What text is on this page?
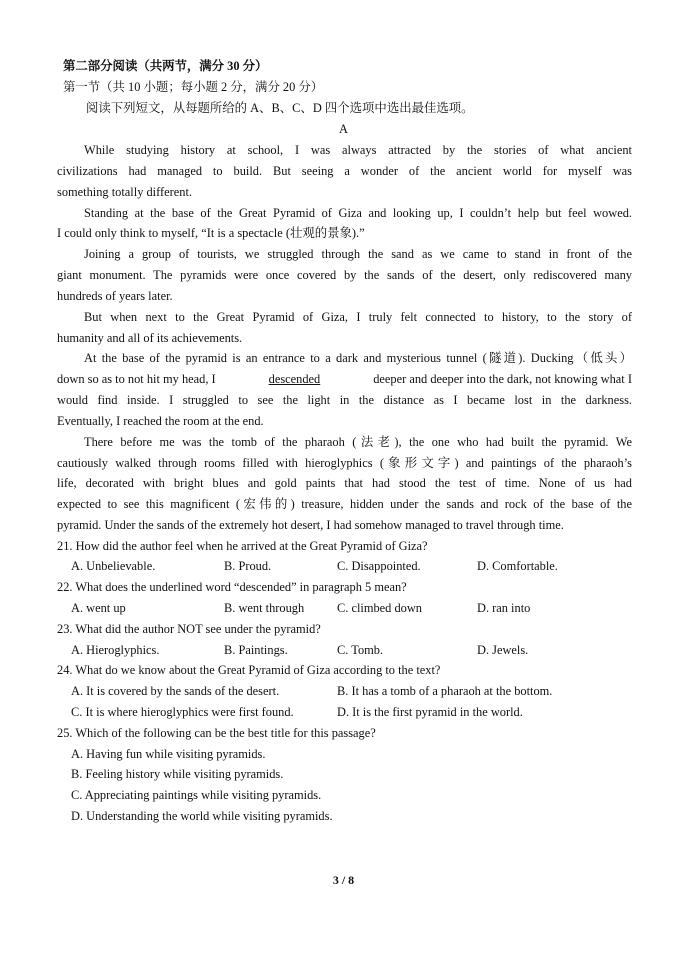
第二部分阅读（共两节，满分 30 分）
第一节（共 10 小题；每小题 2 分，满分 20 分）
阅读下列短文，从每题所给的 A、B、C、D 四个选项中选出最佳选项。
A
While studying history at school, I was always attracted by the stories of what ancient
civilizations had managed to build. But seeing a wonder of the ancient world for myself was
something totally different.
Standing at the base of the Great Pyramid of Giza and looking up, I couldn’t help but feel wowed.
I could only think to myself, “It is a spectacle (壮观的景象).”
Joining a group of tourists, we struggled through the sand as we came to stand in front of the
giant monument. The pyramids were once covered by the sands of the desert, only rediscovered many
hundreds of years later.
But when next to the Great Pyramid of Giza, I truly felt connected to history, to the story of
humanity and all of its achievements.
At the base of the pyramid is an entrance to a dark and mysterious tunnel (隧道). Ducking（低头）
down so as to not hit my head, I	descended	deeper and deeper into the dark, not knowing what I
would find inside. I struggled to see the light in the distance as I became lost in the darkness.
Eventually, I reached the room at the end.
There before me was the tomb of the pharaoh (法老), the one who had built the pyramid. We
cautiously walked through rooms filled with hieroglyphics (象形文字) and paintings of the pharaoh’s
life, decorated with bright blues and gold paints that had stood the test of time. None of us had
expected to see this magnificent (宏伟的) treasure, hidden under the sands and rock of the base of the
pyramid. Under the sands of the extremely hot desert, I had somehow managed to travel through time.
21. How did the author feel when he arrived at the Great Pyramid of Giza?
A. Unbelievable.	B. Proud.	C. Disappointed.	D. Comfortable.
22. What does the underlined word “descended” in paragraph 5 mean?
A. went up	B. went through	C. climbed down	D. ran into
23. What did the author NOT see under the pyramid?
A. Hieroglyphics.	B. Paintings.	C. Tomb.	D. Jewels.
24. What do we know about the Great Pyramid of Giza according to the text?
A. It is covered by the sands of the desert.	B. It has a tomb of a pharaoh at the bottom.
C. It is where hieroglyphics were first found.	D. It is the first pyramid in the world.
25. Which of the following can be the best title for this passage?
A. Having fun while visiting pyramids.
B. Feeling history while visiting pyramids.
C. Appreciating paintings while visiting pyramids.
D. Understanding the world while visiting pyramids.
3 / 8
